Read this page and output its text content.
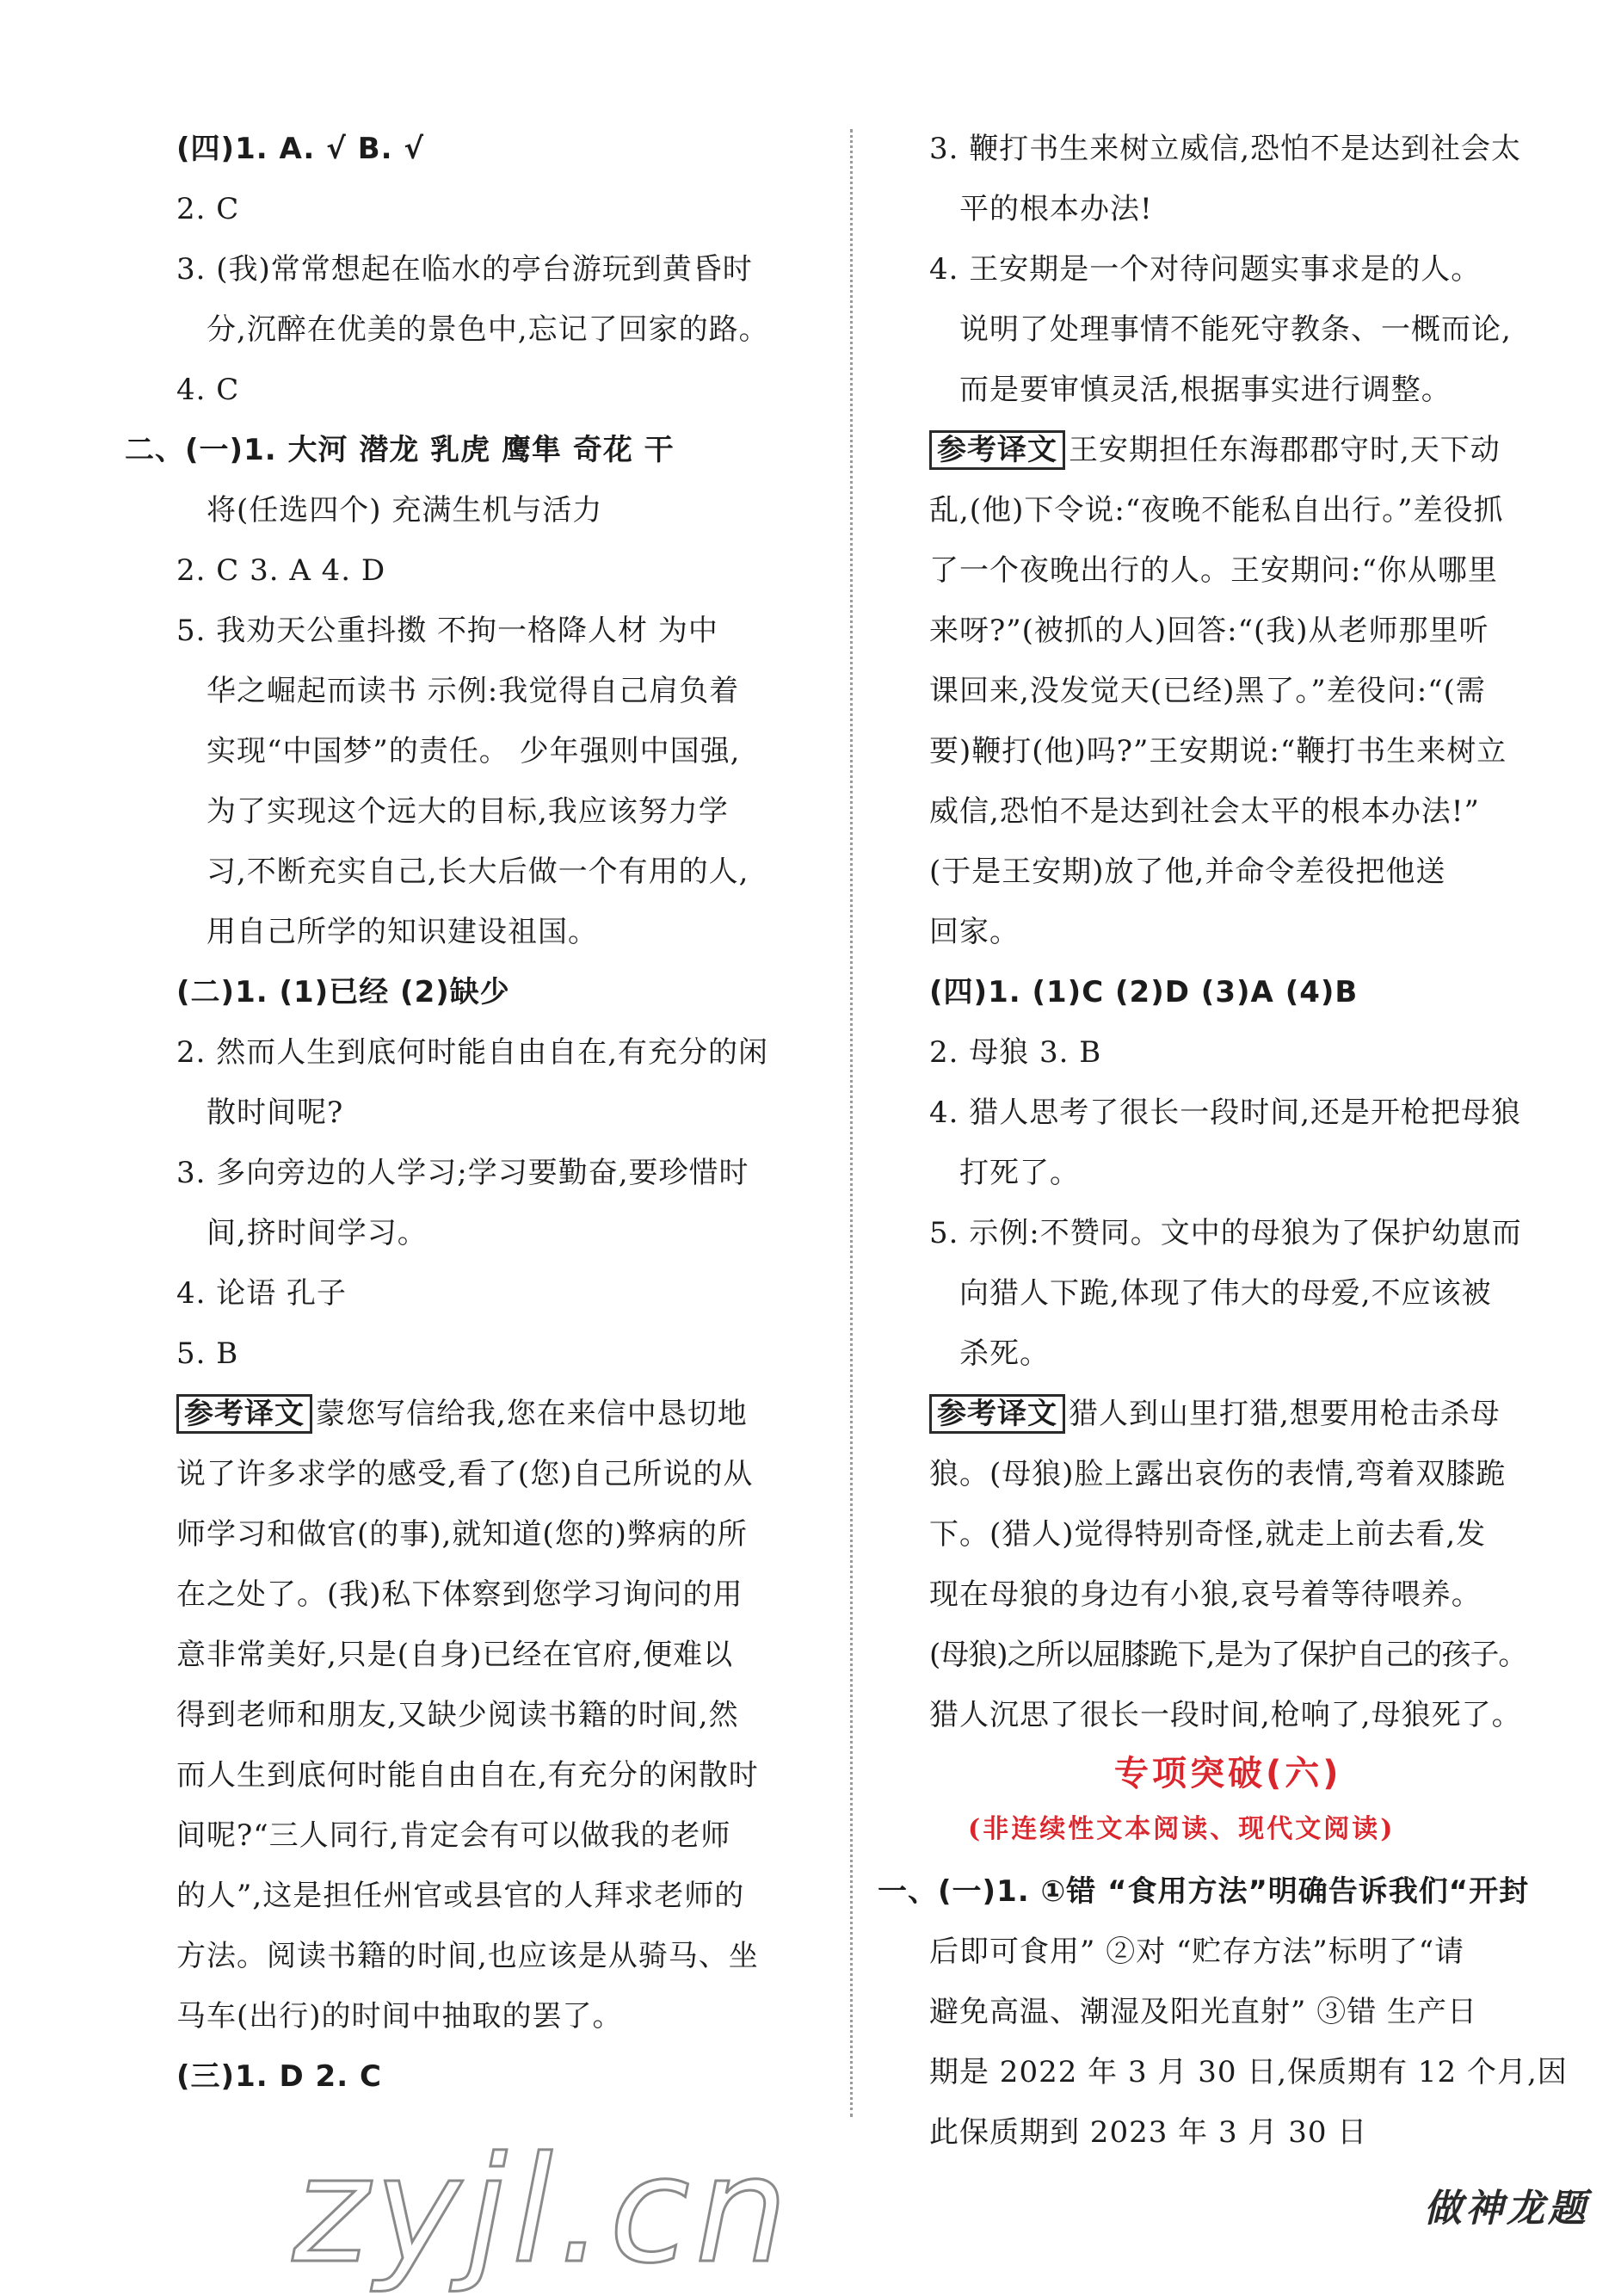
(四)1. A. √ B. √
2. C
3. (我)常常想起在临水的亭台游玩到黄昏时
分,沉醉在优美的景色中,忘记了回家的路。
4. C
二、(一)1. 大河 潜龙 乳虎 鹰隼 奇花 干
将(任选四个) 充满生机与活力
2. C 3. A 4. D
5. 我劝天公重抖擞 不拘一格降人材 为中
华之崛起而读书 示例:我觉得自己肩负着
实现“中国梦”的责任。 少年强则中国强,
为了实现这个远大的目标,我应该努力学
习,不断充实自己,长大后做一个有用的人,
用自己所学的知识建设祖国。
(二)1. (1)已经 (2)缺少
2. 然而人生到底何时能自由自在,有充分的闲
散时间呢?
3. 多向旁边的人学习;学习要勤奋,要珍惜时
间,挤时间学习。
4. 论语 孔子
5. B
参考译文 蒙您写信给我,您在来信中恳切地
说了许多求学的感受,看了(您)自己所说的从
师学习和做官(的事),就知道(您的)弊病的所
在之处了。(我)私下体察到您学习询问的用
意非常美好,只是(自身)已经在官府,便难以
得到老师和朋友,又缺少阅读书籍的时间,然
而人生到底何时能自由自在,有充分的闲散时
间呢?“三人同行,肯定会有可以做我的老师
的人”,这是担任州官或县官的人拜求老师的
方法。阅读书籍的时间,也应该是从骑马、坐
马车(出行)的时间中抽取的罢了。
(三)1. D 2. C
3. 鞭打书生来树立威信,恐怕不是达到社会太
平的根本办法!
4. 王安期是一个对待问题实事求是的人。
说明了处理事情不能死守教条、一概而论,
而是要审慎灵活,根据事实进行调整。
参考译文 王安期担任东海郡郡守时,天下动
乱,(他)下令说:“夜晚不能私自出行。”差役抓
了一个夜晚出行的人。王安期问:“你从哪里
来呀?”(被抓的人)回答:“(我)从老师那里听
课回来,没发觉天(已经)黑了。”差役问:“(需
要)鞭打(他)吗?”王安期说:“鞭打书生来树立
威信,恐怕不是达到社会太平的根本办法!”
(于是王安期)放了他,并命令差役把他送
回家。
(四)1. (1)C (2)D (3)A (4)B
2. 母狼 3. B
4. 猎人思考了很长一段时间,还是开枪把母狼
打死了。
5. 示例:不赞同。文中的母狼为了保护幼崽而
向猎人下跪,体现了伟大的母爱,不应该被
杀死。
参考译文 猎人到山里打猎,想要用枪击杀母
狼。(母狼)脸上露出哀伤的表情,弯着双膝跪
下。(猎人)觉得特别奇怪,就走上前去看,发
现在母狼的身边有小狼,哀号着等待喂养。
(母狼)之所以屈膝跪下,是为了保护自己的孩子。
猎人沉思了很长一段时间,枪响了,母狼死了。
专项突破(六)
(非连续性文本阅读、现代文阅读)
一、(一)1. ①错 “食用方法”明确告诉我们“开封
后即可食用” ②对 “贮存方法”标明了“请
避免高温、潮湿及阳光直射” ③错 生产日
期是 2022 年 3 月 30 日,保质期有 12 个月,因
此保质期到 2023 年 3 月 30 日
zyjl.cn	做神龙题
